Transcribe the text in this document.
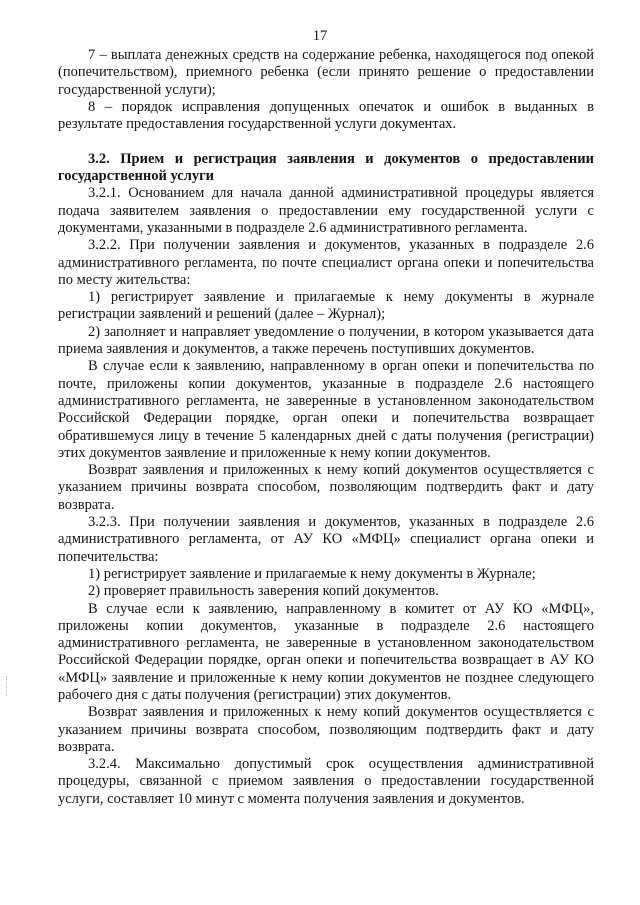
17

7 – выплата денежных средств на содержание ребенка, находящегося под опекой (попечительством), приемного ребенка (если принято решение о предоставлении государственной услуги);

8 – порядок исправления допущенных опечаток и ошибок в выданных в результате предоставления государственной услуги документах.

3.2. Прием и регистрация заявления и документов о предоставлении государственной услуги

3.2.1. Основанием для начала данной административной процедуры является подача заявителем заявления о предоставлении ему государственной услуги с документами, указанными в подразделе 2.6 административного регламента.

3.2.2. При получении заявления и документов, указанных в подразделе 2.6 административного регламента, по почте специалист органа опеки и попечительства по месту жительства:

1) регистрирует заявление и прилагаемые к нему документы в журнале регистрации заявлений и решений (далее – Журнал);

2) заполняет и направляет уведомление о получении, в котором указывается дата приема заявления и документов, а также перечень поступивших документов.

В случае если к заявлению, направленному в орган опеки и попечительства по почте, приложены копии документов, указанные в подразделе 2.6 настоящего административного регламента, не заверенные в установленном законодательством Российской Федерации порядке, орган опеки и попечительства возвращает обратившемуся лицу в течение 5 календарных дней с даты получения (регистрации) этих документов заявление и приложенные к нему копии документов.

Возврат заявления и приложенных к нему копий документов осуществляется с указанием причины возврата способом, позволяющим подтвердить факт и дату возврата.

3.2.3. При получении заявления и документов, указанных в подразделе 2.6 административного регламента, от АУ КО «МФЦ» специалист органа опеки и попечительства:

1) регистрирует заявление и прилагаемые к нему документы в Журнале;

2) проверяет правильность заверения копий документов.

В случае если к заявлению, направленному в комитет от АУ КО «МФЦ», приложены копии документов, указанные в подразделе 2.6 настоящего административного регламента, не заверенные в установленном законодательством Российской Федерации порядке, орган опеки и попечительства возвращает в АУ КО «МФЦ» заявление и приложенные к нему копии документов не позднее следующего рабочего дня с даты получения (регистрации) этих документов.

Возврат заявления и приложенных к нему копий документов осуществляется с указанием причины возврата способом, позволяющим подтвердить факт и дату возврата.

3.2.4. Максимально допустимый срок осуществления административной процедуры, связанной с приемом заявления о предоставлении государственной услуги, составляет 10 минут с момента получения заявления и документов.
